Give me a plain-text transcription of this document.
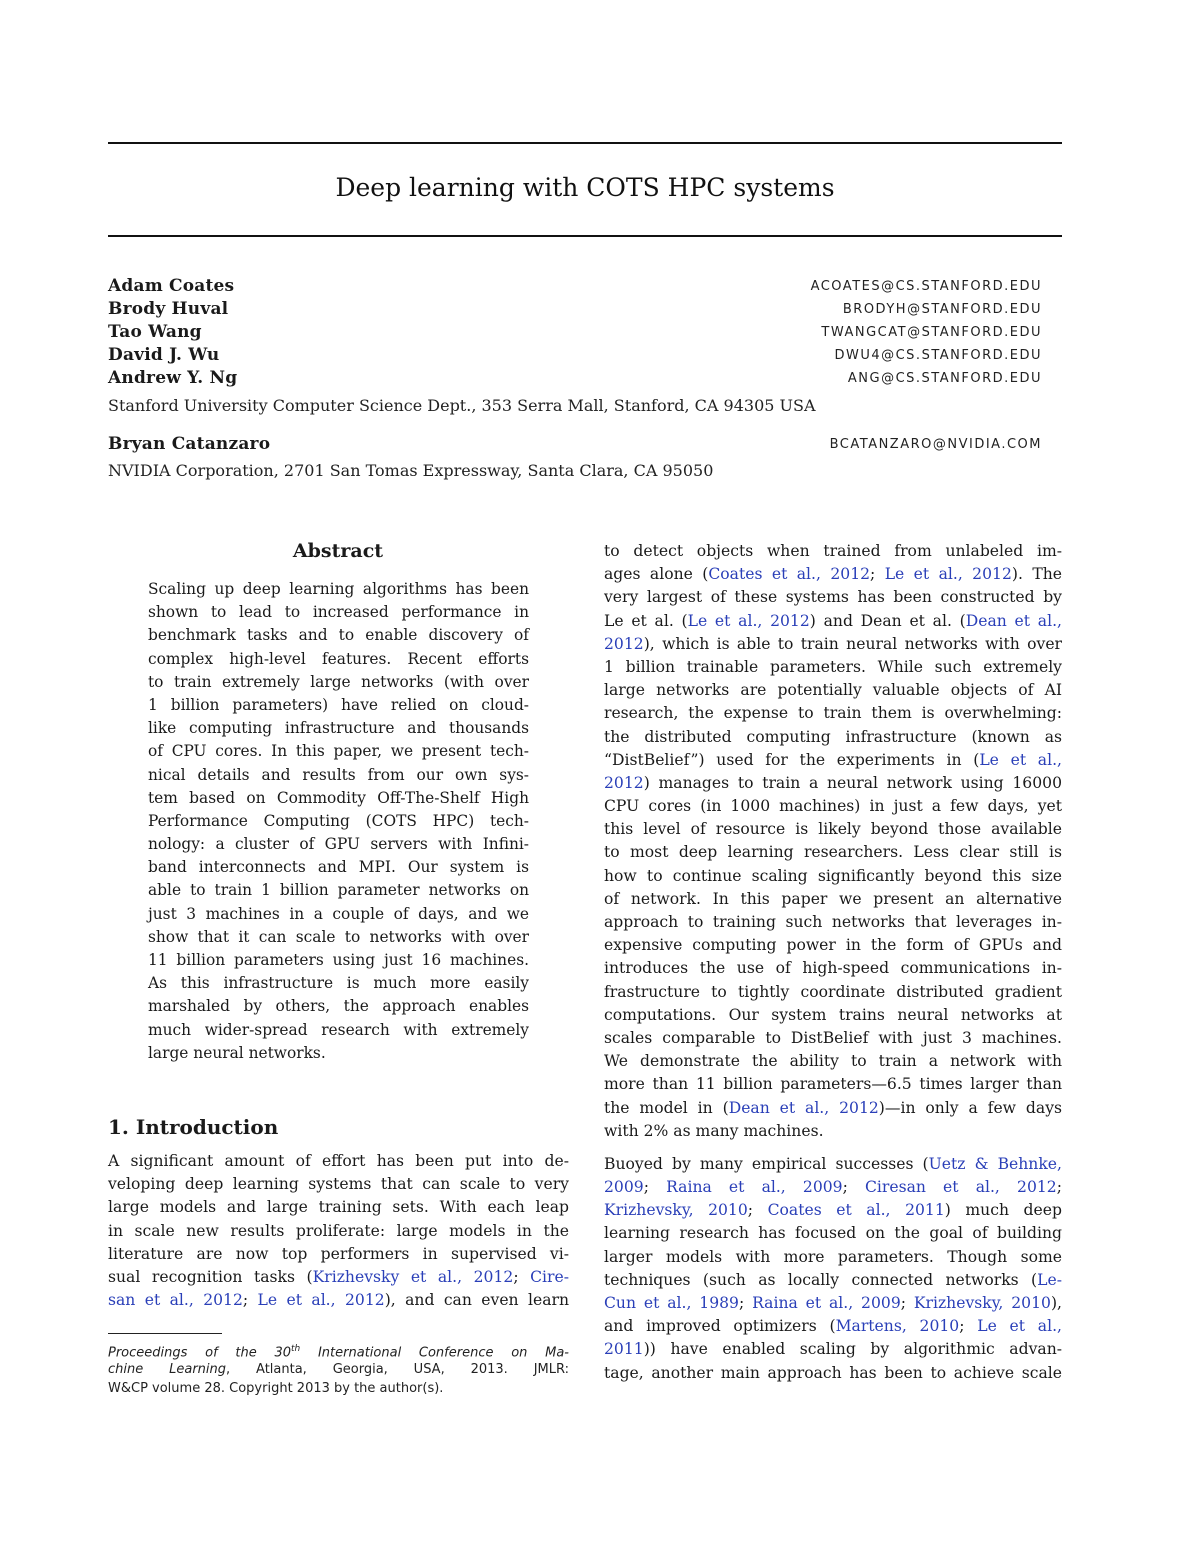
Deep learning with COTS HPC systems
Adam Coates	ACOATES@CS.STANFORD.EDU
Brody Huval	BRODYH@STANFORD.EDU
Tao Wang	TWANGCAT@STANFORD.EDU
David J. Wu	DWU4@CS.STANFORD.EDU
Andrew Y. Ng	ANG@CS.STANFORD.EDU
Stanford University Computer Science Dept., 353 Serra Mall, Stanford, CA 94305 USA
Bryan Catanzaro	BCATANZARO@NVIDIA.COM
NVIDIA Corporation, 2701 San Tomas Expressway, Santa Clara, CA 95050
Abstract
Scaling up deep learning algorithms has been
shown to lead to increased performance in
benchmark tasks and to enable discovery of
complex high-level features. Recent efforts
to train extremely large networks (with over
1 billion parameters) have relied on cloud-
like computing infrastructure and thousands
of CPU cores. In this paper, we present tech-
nical details and results from our own sys-
tem based on Commodity Off-The-Shelf High
Performance Computing (COTS HPC) tech-
nology: a cluster of GPU servers with Infini-
band interconnects and MPI. Our system is
able to train 1 billion parameter networks on
just 3 machines in a couple of days, and we
show that it can scale to networks with over
11 billion parameters using just 16 machines.
As this infrastructure is much more easily
marshaled by others, the approach enables
much wider-spread research with extremely
large neural networks.
1. Introduction
A significant amount of effort has been put into de-
veloping deep learning systems that can scale to very
large models and large training sets. With each leap
in scale new results proliferate: large models in the
literature are now top performers in supervised vi-
sual recognition tasks (Krizhevsky et al., 2012; Cire-
san et al., 2012; Le et al., 2012), and can even learn
Proceedings of the 30th International Conference on Ma-
chine Learning, Atlanta, Georgia, USA, 2013. JMLR:
W&CP volume 28. Copyright 2013 by the author(s).
to detect objects when trained from unlabeled im-
ages alone (Coates et al., 2012; Le et al., 2012). The
very largest of these systems has been constructed by
Le et al. (Le et al., 2012) and Dean et al. (Dean et al.,
2012), which is able to train neural networks with over
1 billion trainable parameters. While such extremely
large networks are potentially valuable objects of AI
research, the expense to train them is overwhelming:
the distributed computing infrastructure (known as
“DistBelief”) used for the experiments in (Le et al.,
2012) manages to train a neural network using 16000
CPU cores (in 1000 machines) in just a few days, yet
this level of resource is likely beyond those available
to most deep learning researchers. Less clear still is
how to continue scaling significantly beyond this size
of network. In this paper we present an alternative
approach to training such networks that leverages in-
expensive computing power in the form of GPUs and
introduces the use of high-speed communications in-
frastructure to tightly coordinate distributed gradient
computations. Our system trains neural networks at
scales comparable to DistBelief with just 3 machines.
We demonstrate the ability to train a network with
more than 11 billion parameters—6.5 times larger than
the model in (Dean et al., 2012)—in only a few days
with 2% as many machines.
Buoyed by many empirical successes (Uetz & Behnke,
2009; Raina et al., 2009; Ciresan et al., 2012;
Krizhevsky, 2010; Coates et al., 2011) much deep
learning research has focused on the goal of building
larger models with more parameters. Though some
techniques (such as locally connected networks (Le-
Cun et al., 1989; Raina et al., 2009; Krizhevsky, 2010),
and improved optimizers (Martens, 2010; Le et al.,
2011)) have enabled scaling by algorithmic advan-
tage, another main approach has been to achieve scale
